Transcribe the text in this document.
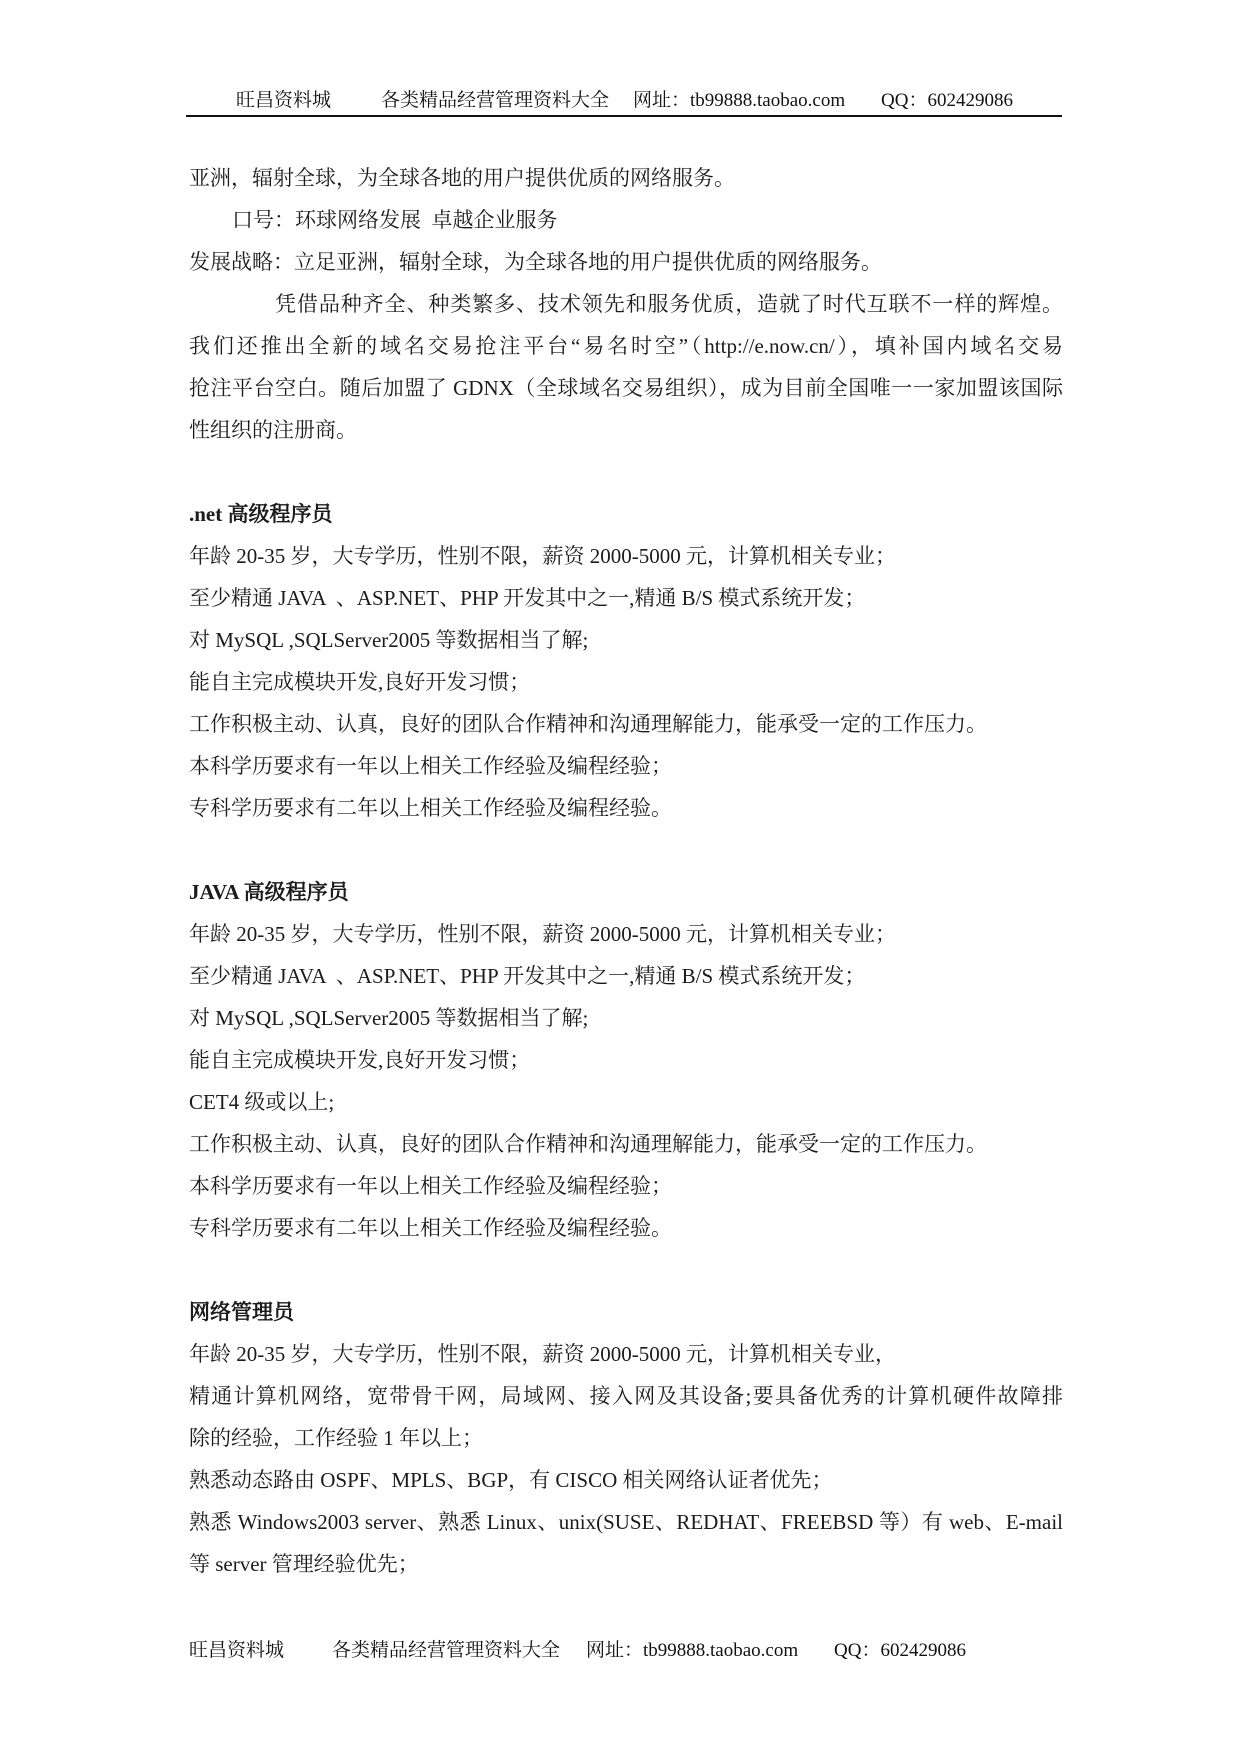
旺昌资料城	各类精品经营管理资料大全 网址：tb99888.taobao.com QQ：602429086
亚洲，辐射全球，为全球各地的用户提供优质的网络服务。
口号：环球网络发展  卓越企业服务
发展战略：立足亚洲，辐射全球，为全球各地的用户提供优质的网络服务。
凭借品种齐全、种类繁多、技术领先和服务优质，造就了时代互联不一样的辉煌。
我们还推出全新的域名交易抢注平台“易名时空”（http://e.now.cn/），填补国内域名交易
抢注平台空白。随后加盟了 GDNX（全球域名交易组织），成为目前全国唯一一家加盟该国际
性组织的注册商。
.net 高级程序员
年龄 20-35 岁，大专学历，性别不限，薪资 2000-5000 元，计算机相关专业；
至少精通 JAVA  、ASP.NET、PHP 开发其中之一,精通 B/S 模式系统开发；
对 MySQL ,SQLServer2005 等数据相当了解;
能自主完成模块开发,良好开发习惯；
工作积极主动、认真，良好的团队合作精神和沟通理解能力，能承受一定的工作压力。
本科学历要求有一年以上相关工作经验及编程经验；
专科学历要求有二年以上相关工作经验及编程经验。
JAVA 高级程序员
年龄 20-35 岁，大专学历，性别不限，薪资 2000-5000 元，计算机相关专业；
至少精通 JAVA  、ASP.NET、PHP 开发其中之一,精通 B/S 模式系统开发；
对 MySQL ,SQLServer2005 等数据相当了解;
能自主完成模块开发,良好开发习惯；
CET4 级或以上;
工作积极主动、认真，良好的团队合作精神和沟通理解能力，能承受一定的工作压力。
本科学历要求有一年以上相关工作经验及编程经验；
专科学历要求有二年以上相关工作经验及编程经验。
网络管理员
年龄 20-35 岁，大专学历，性别不限，薪资 2000-5000 元，计算机相关专业，
精通计算机网络，宽带骨干网，局域网、接入网及其设备;要具备优秀的计算机硬件故障排
除的经验，工作经验 1 年以上；
熟悉动态路由 OSPF、MPLS、BGP，有 CISCO 相关网络认证者优先；
熟悉 Windows2003 server、熟悉 Linux、unix(SUSE、REDHAT、FREEBSD 等）有 web、E-mail
等 server 管理经验优先；
旺昌资料城	各类精品经营管理资料大全 网址：tb99888.taobao.com QQ：602429086
